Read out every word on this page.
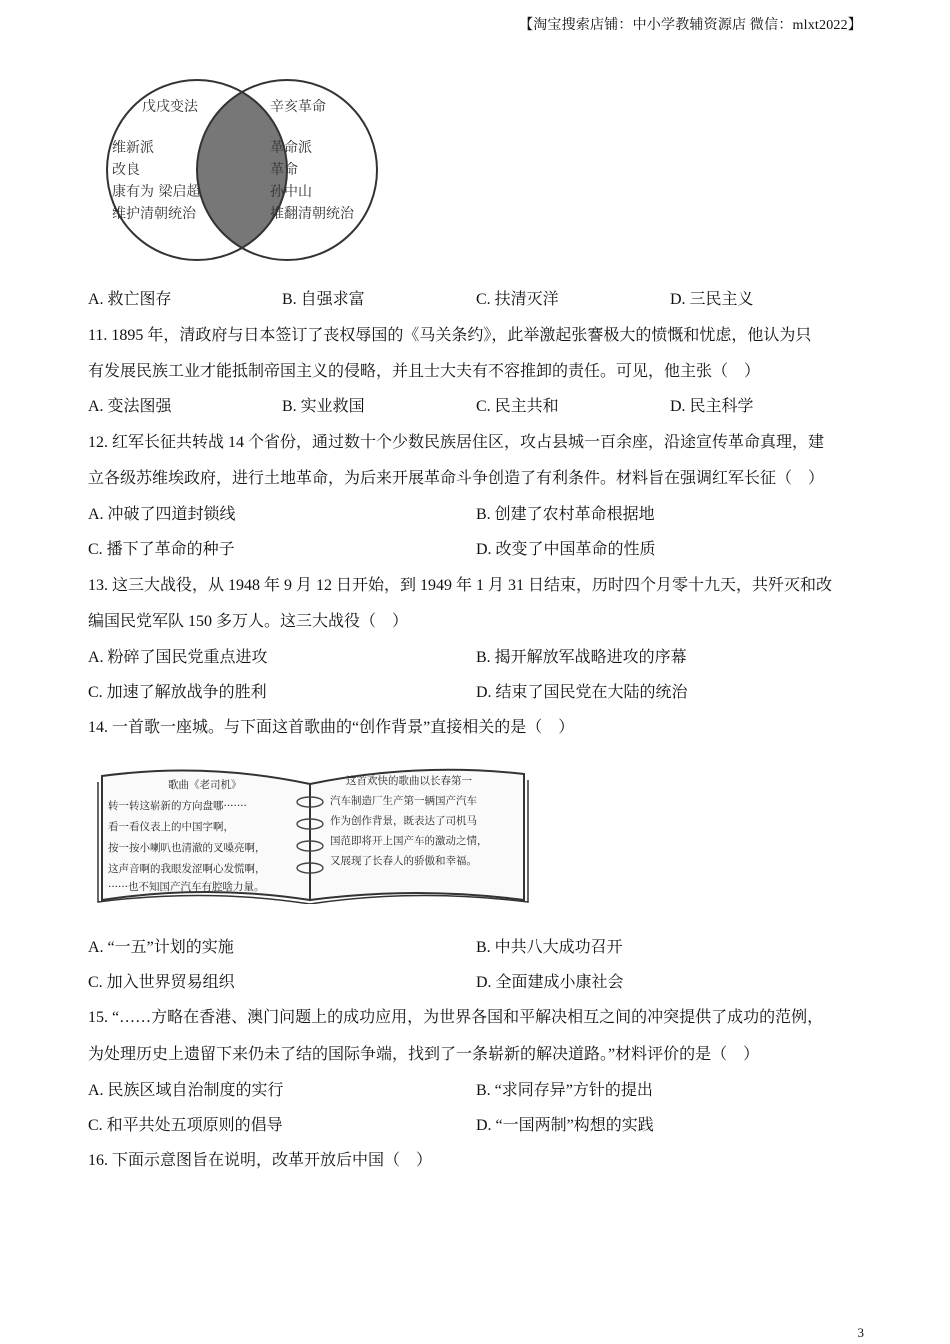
【淘宝搜索店铺：中小学教辅资源店 微信：mlxt2022】
戊戌变法	辛亥革命
维新派
改良
康有为 梁启超
维护清朝统治
革命派
革命
孙中山
推翻清朝统治
A. 救亡图存	B. 自强求富	C. 扶清灭洋	D. 三民主义
11. 1895 年，清政府与日本签订了丧权辱国的《马关条约》，此举激起张謇极大的愤慨和忧虑，他认为只
有发展民族工业才能抵制帝国主义的侵略，并且士大夫有不容推卸的责任。可见，他主张（　）
A. 变法图强	B. 实业救国	C. 民主共和	D. 民主科学
12. 红军长征共转战 14 个省份，通过数十个少数民族居住区，攻占县城一百余座，沿途宣传革命真理，建
立各级苏维埃政府，进行土地革命，为后来开展革命斗争创造了有利条件。材料旨在强调红军长征（　）
A. 冲破了四道封锁线	B. 创建了农村革命根据地
C. 播下了革命的种子	D. 改变了中国革命的性质
13. 这三大战役，从 1948 年 9 月 12 日开始，到 1949 年 1 月 31 日结束，历时四个月零十九天，共歼灭和改
编国民党军队 150 多万人。这三大战役（　）
A. 粉碎了国民党重点进攻	B. 揭开解放军战略进攻的序幕
C. 加速了解放战争的胜利	D. 结束了国民党在大陆的统治
14. 一首歌一座城。与下面这首歌曲的“创作背景”直接相关的是（　）
歌曲《老司机》
转一转这崭新的方向盘哪·······
看一看仪表上的中国字啊，
按一按小喇叭也清澈的叉嗓亮啊，
这声音啊的我眼发涩啊心发慌啊，
······也不知国产汽车有腔啥力量。
这首欢快的歌曲以长春第一
汽车制造厂生产第一辆国产汽车
作为创作背景，既表达了司机马
国范即将开上国产车的激动之情，
又展现了长春人的骄傲和幸福。
A. “一五”计划的实施	B. 中共八大成功召开
C. 加入世界贸易组织	D. 全面建成小康社会
15. “……方略在香港、澳门问题上的成功应用，为世界各国和平解决相互之间的冲突提供了成功的范例，
为处理历史上遗留下来仍未了结的国际争端，找到了一条崭新的解决道路。”材料评价的是（　）
A. 民族区域自治制度的实行	B. “求同存异”方针的提出
C. 和平共处五项原则的倡导	D. “一国两制”构想的实践
16. 下面示意图旨在说明，改革开放后中国（　）
3
